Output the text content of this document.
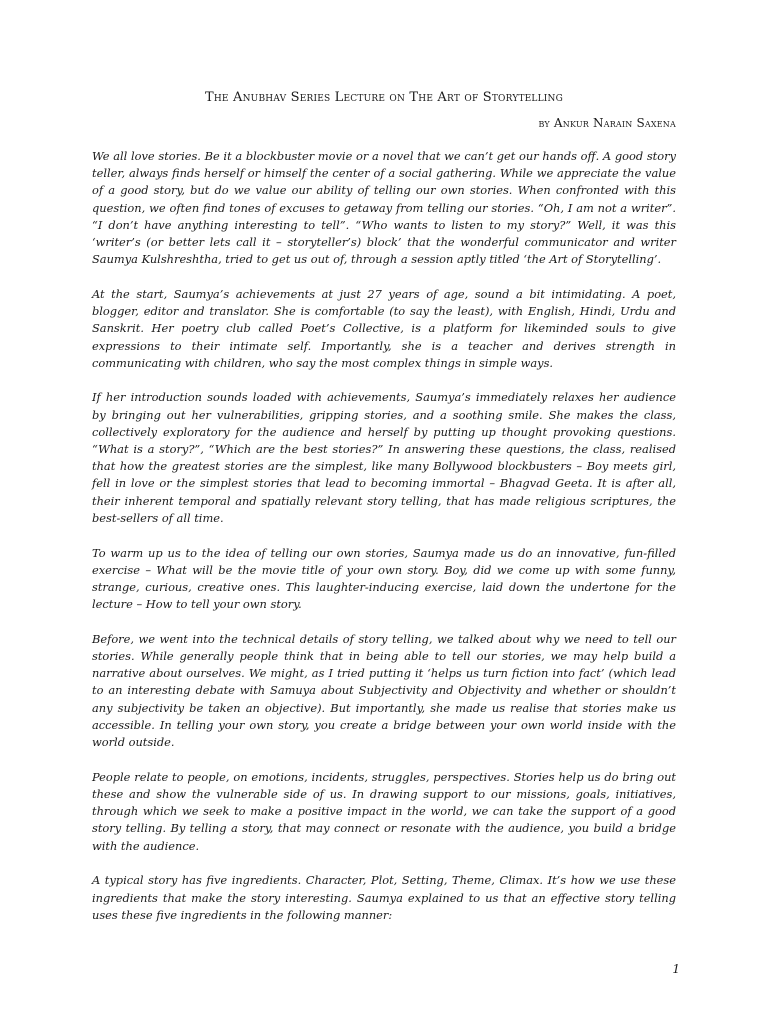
The Anubhav Series Lecture on The Art of Storytelling
by Ankur Narain Saxena

We all love stories. Be it a blockbuster movie or a novel that we can’t get our hands off. A good story teller, always finds herself or himself the center of a social gathering. While we appreciate the value of a good story, but do we value our ability of telling our own stories. When confronted with this question, we often find tones of excuses to getaway from telling our stories. “Oh, I am not a writer”. “I don’t have anything interesting to tell”. “Who wants to listen to my story?” Well, it was this ‘writer’s (or better lets call it – storyteller’s) block’ that the wonderful communicator and writer Saumya Kulshreshtha, tried to get us out of, through a session aptly titled ‘the Art of Storytelling’.

At the start, Saumya’s achievements at just 27 years of age, sound a bit intimidating. A poet, blogger, editor and translator. She is comfortable (to say the least), with English, Hindi, Urdu and Sanskrit. Her poetry club called Poet’s Collective, is a platform for likeminded souls to give expressions to their intimate self. Importantly, she is a teacher and derives strength in communicating with children, who say the most complex things in simple ways.

If her introduction sounds loaded with achievements, Saumya’s immediately relaxes her audience by bringing out her vulnerabilities, gripping stories, and a soothing smile. She makes the class, collectively exploratory for the audience and herself by putting up thought provoking questions. “What is a story?”, “Which are the best stories?” In answering these questions, the class, realised that how the greatest stories are the simplest, like many Bollywood blockbusters – Boy meets girl, fell in love or the simplest stories that lead to becoming immortal – Bhagvad Geeta. It is after all, their inherent temporal and spatially relevant story telling, that has made religious scriptures, the best-sellers of all time.

To warm up us to the idea of telling our own stories, Saumya made us do an innovative, fun-filled exercise – What will be the movie title of your own story. Boy, did we come up with some funny, strange, curious, creative ones. This laughter-inducing exercise, laid down the undertone for the lecture – How to tell your own story.

Before, we went into the technical details of story telling, we talked about why we need to tell our stories. While generally people think that in being able to tell our stories, we may help build a narrative about ourselves. We might, as I tried putting it ‘helps us turn fiction into fact’ (which lead to an interesting debate with Samuya about Subjectivity and Objectivity and whether or shouldn’t any subjectivity be taken an objective). But importantly, she made us realise that stories make us accessible. In telling your own story, you create a bridge between your own world inside with the world outside.

People relate to people, on emotions, incidents, struggles, perspectives. Stories help us do bring out these and show the vulnerable side of us. In drawing support to our missions, goals, initiatives, through which we seek to make a positive impact in the world, we can take the support of a good story telling. By telling a story, that may connect or resonate with the audience, you build a bridge with the audience.

A typical story has five ingredients. Character, Plot, Setting, Theme, Climax. It’s how we use these ingredients that make the story interesting. Saumya explained to us that an effective story telling uses these five ingredients in the following manner:

1
